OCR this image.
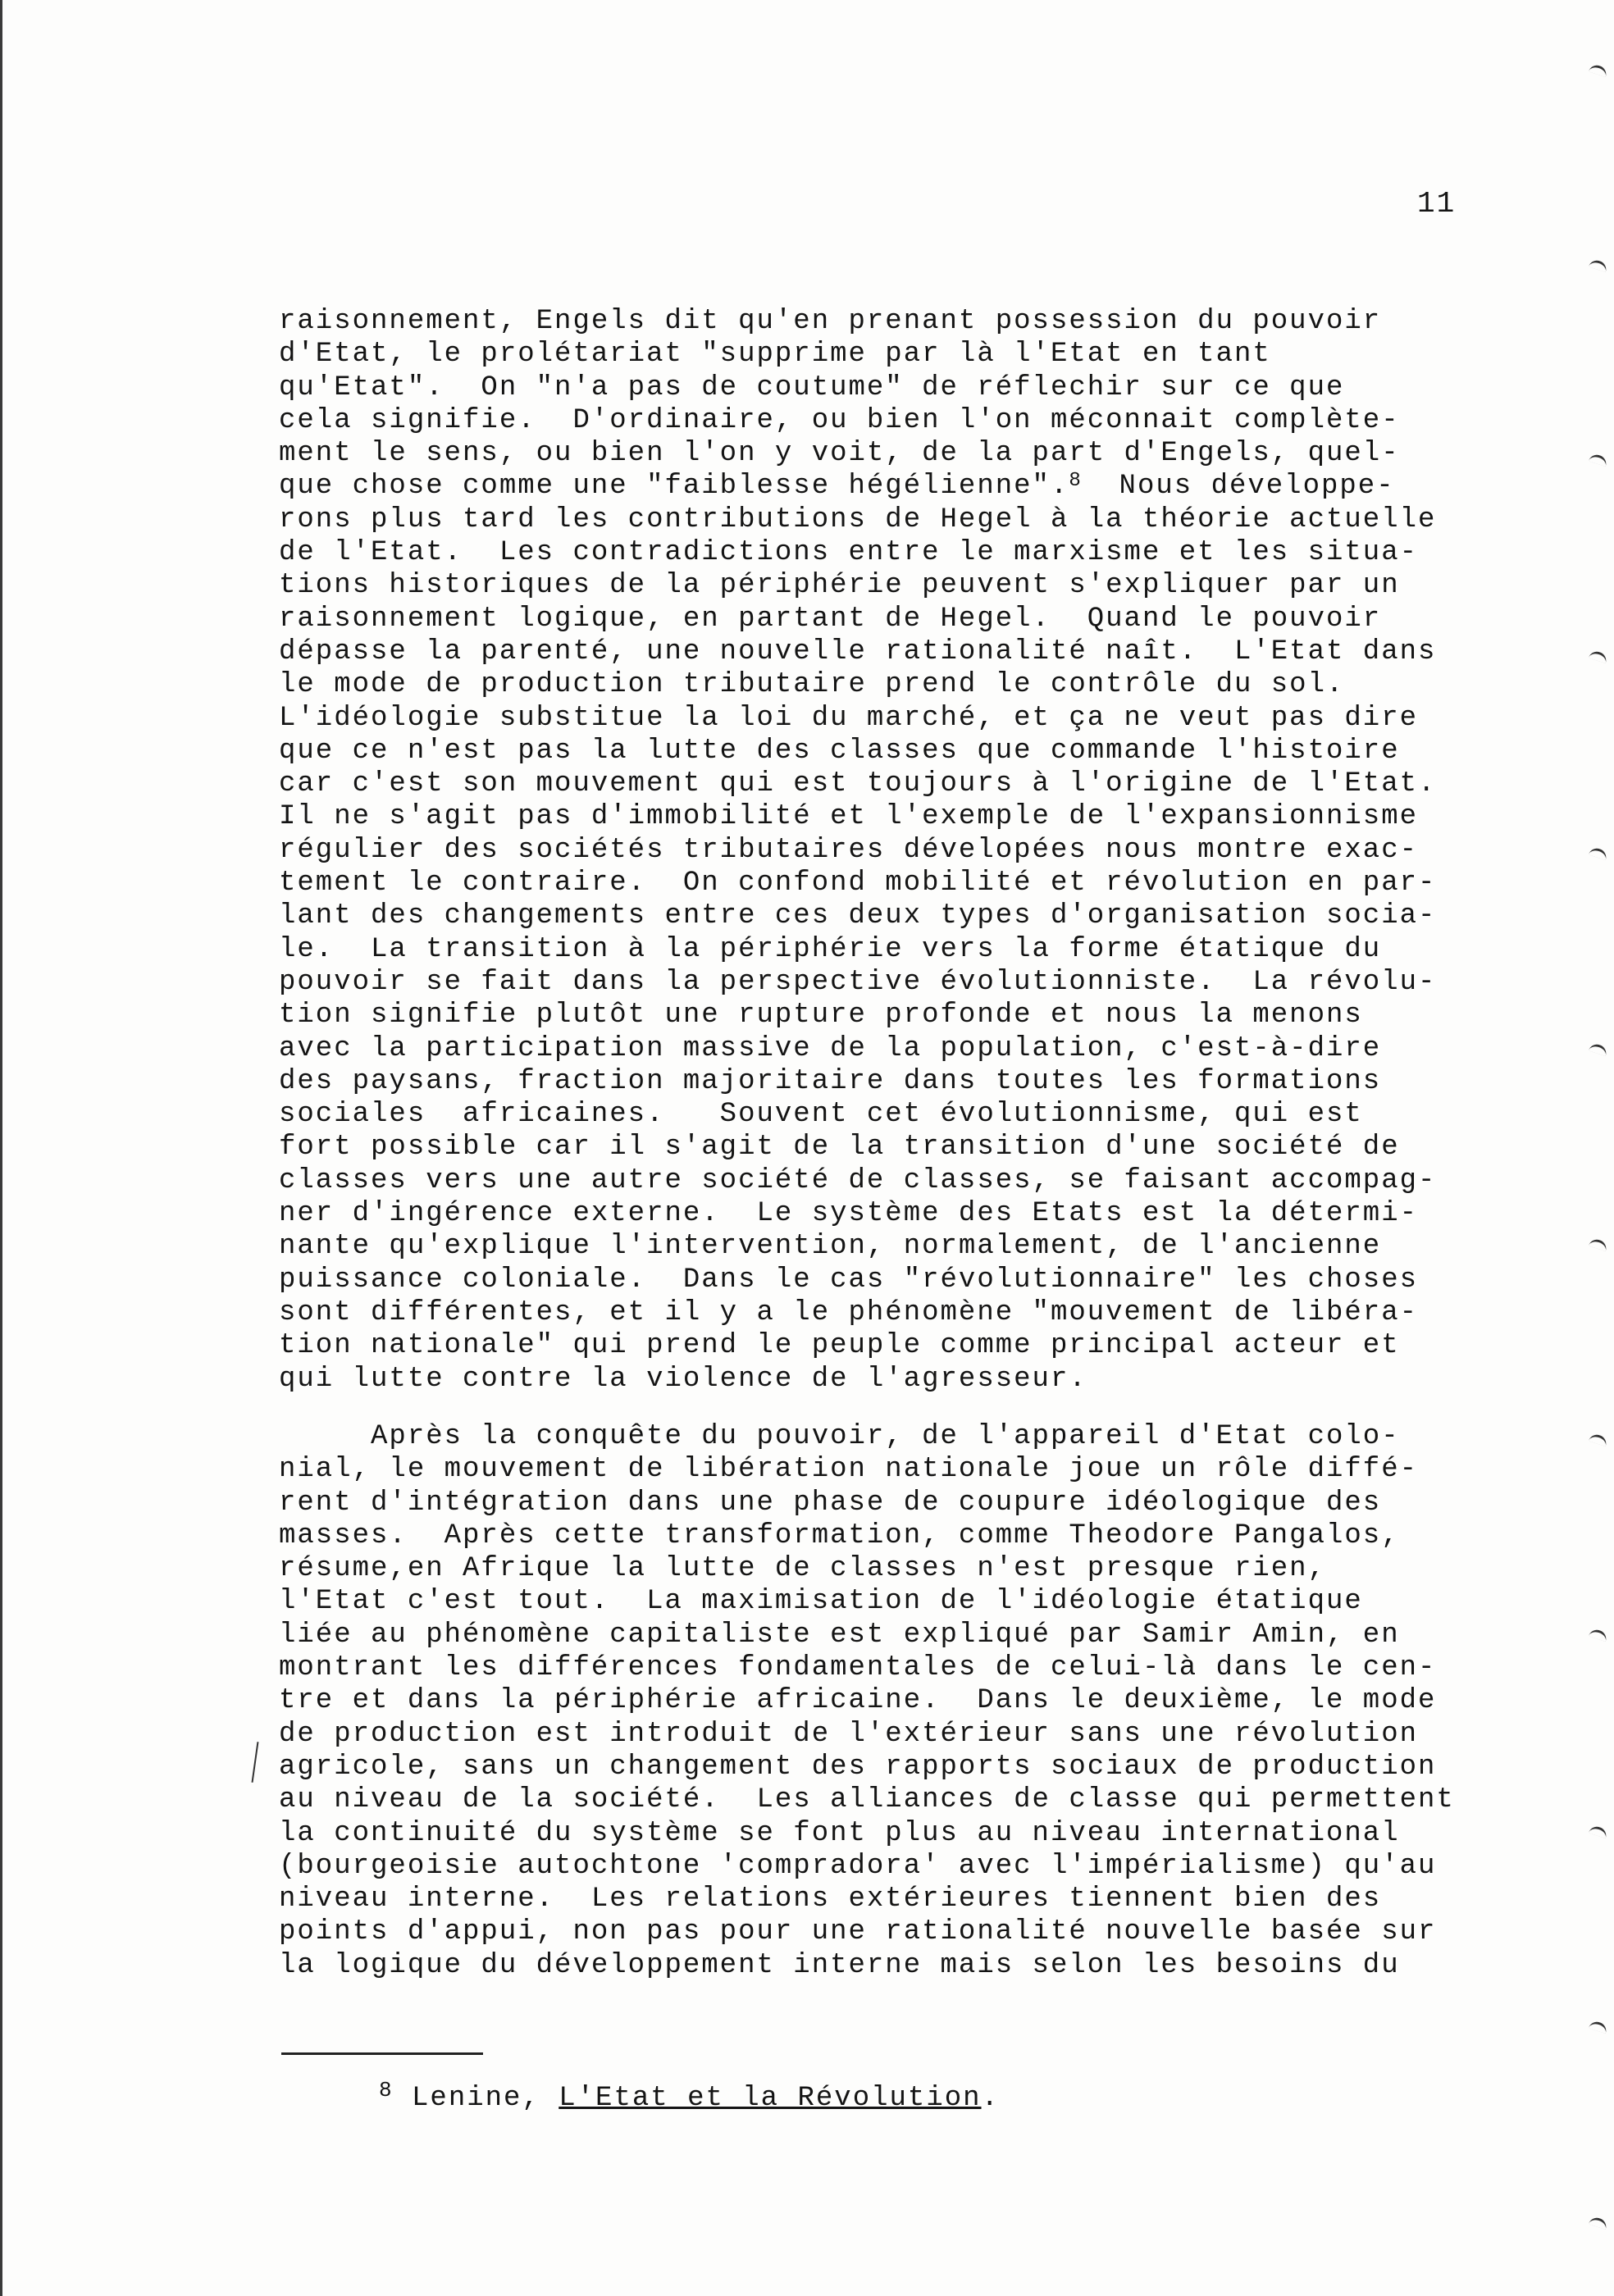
11
raisonnement, Engels dit qu'en prenant possession du pouvoir
d'Etat, le prolétariat "supprime par là l'Etat en tant
qu'Etat".  On "n'a pas de coutume" de réflechir sur ce que
cela signifie.  D'ordinaire, ou bien l'on méconnait complète-
ment le sens, ou bien l'on y voit, de la part d'Engels, quel-
que chose comme une "faiblesse hégélienne".$^8$  Nous développe-
rons plus tard les contributions de Hegel à la théorie actuelle
de l'Etat.  Les contradictions entre le marxisme et les situa-
tions historiques de la périphérie peuvent s'expliquer par un
raisonnement logique, en partant de Hegel.  Quand le pouvoir
dépasse la parenté, une nouvelle rationalité naît.  L'Etat dans
le mode de production tributaire prend le contrôle du sol.
L'idéologie substitue la loi du marché, et ça ne veut pas dire
que ce n'est pas la lutte des classes que commande l'histoire
car c'est son mouvement qui est toujours à l'origine de l'Etat.
Il ne s'agit pas d'immobilité et l'exemple de l'expansionnisme
régulier des sociétés tributaires dévelopées nous montre exac-
tement le contraire.  On confond mobilité et révolution en par-
lant des changements entre ces deux types d'organisation socia-
le.  La transition à la périphérie vers la forme étatique du
pouvoir se fait dans la perspective évolutionniste.  La révolu-
tion signifie plutôt une rupture profonde et nous la menons
avec la participation massive de la population, c'est-à-dire
des paysans, fraction majoritaire dans toutes les formations
sociales  africaines.   Souvent cet évolutionnisme, qui est
fort possible car il s'agit de la transition d'une société de
classes vers une autre société de classes, se faisant accompag-
ner d'ingérence externe.  Le système des Etats est la détermi-
nante qu'explique l'intervention, normalement, de l'ancienne
puissance coloniale.  Dans le cas "révolutionnaire" les choses
sont différentes, et il y a le phénomène "mouvement de libéra-
tion nationale" qui prend le peuple comme principal acteur et
qui lutte contre la violence de l'agresseur.
Après la conquête du pouvoir, de l'appareil d'Etat colo-
nial, le mouvement de libération nationale joue un rôle diffé-
rent d'intégration dans une phase de coupure idéologique des
masses.  Après cette transformation, comme Theodore Pangalos,
résume,en Afrique la lutte de classes n'est presque rien,
l'Etat c'est tout.  La maximisation de l'idéologie étatique
liée au phénomène capitaliste est expliqué par Samir Amin, en
montrant les différences fondamentales de celui-là dans le cen-
tre et dans la périphérie africaine.  Dans le deuxième, le mode
de production est introduit de l'extérieur sans une révolution
agricole, sans un changement des rapports sociaux de production
au niveau de la société.  Les alliances de classe qui permettent
la continuité du système se font plus au niveau international
(bourgeoisie autochtone 'compradora' avec l'impérialisme) qu'au
niveau interne.  Les relations extérieures tiennent bien des
points d'appui, non pas pour une rationalité nouvelle basée sur
la logique du développement interne mais selon les besoins du
$^8$ Lenine, L'Etat et la Révolution.
